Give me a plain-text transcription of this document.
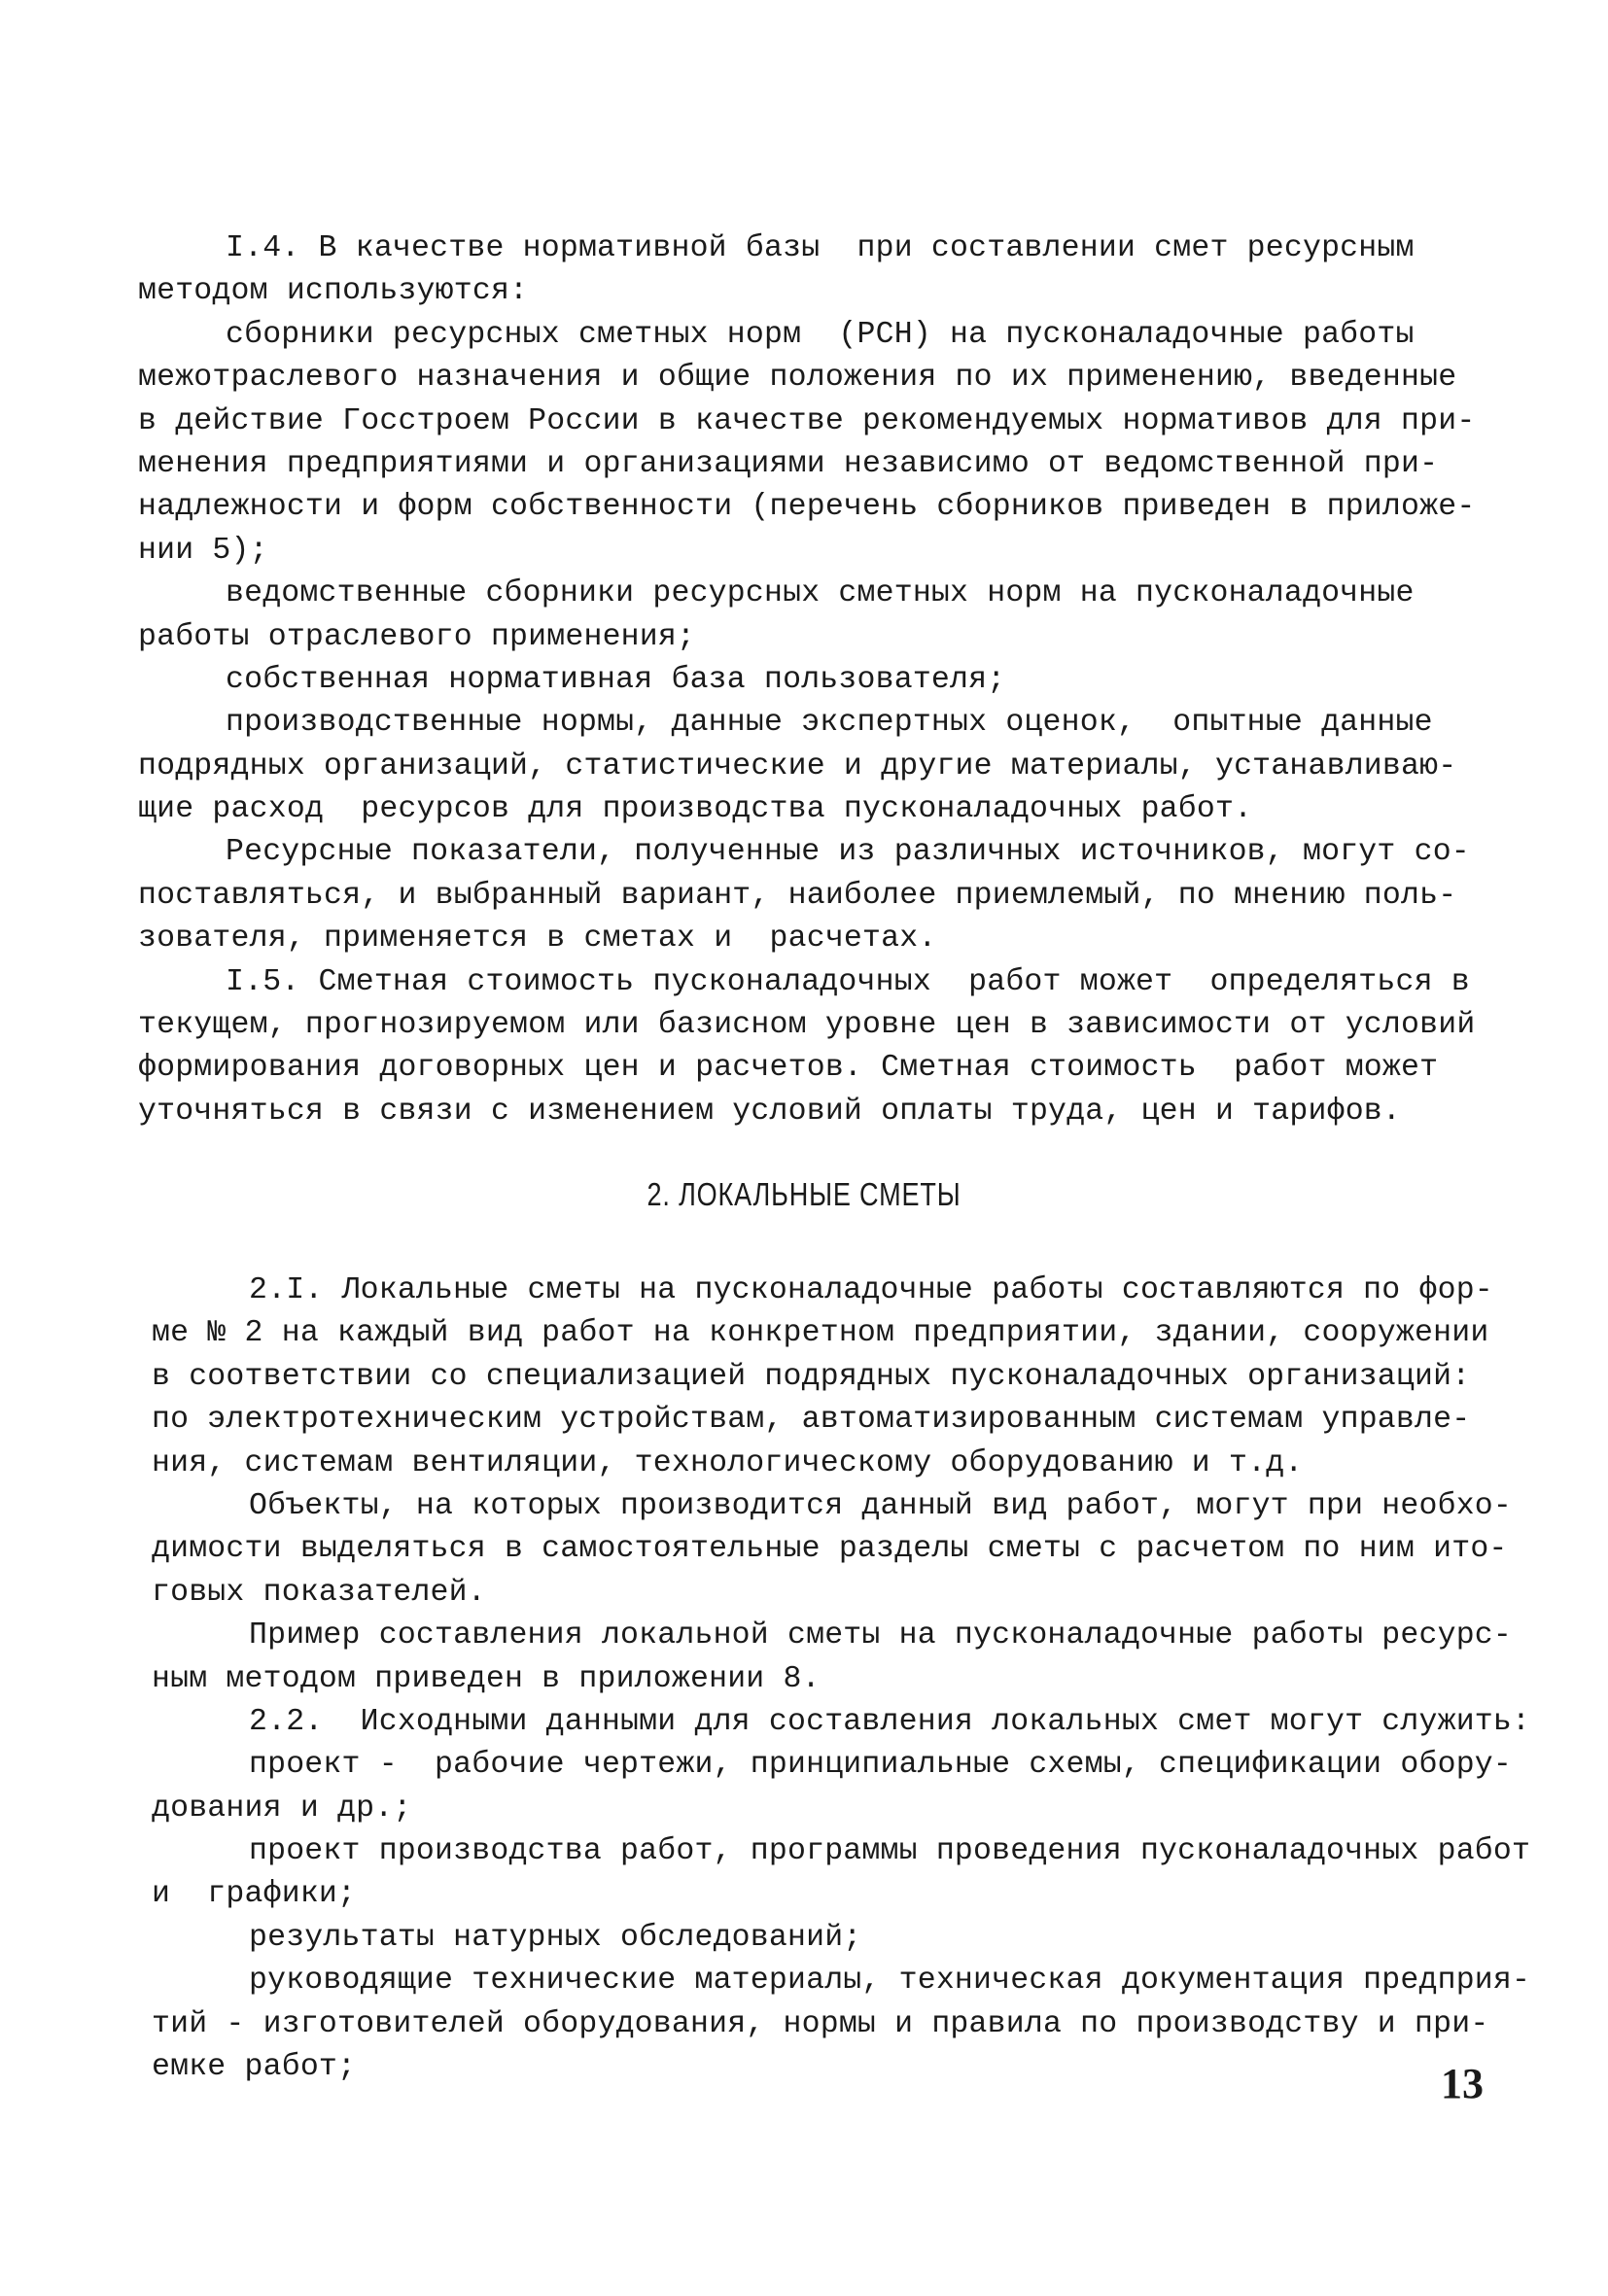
I.4. В качестве нормативной базы  при составлении смет ресурсным
методом используются:
сборники ресурсных сметных норм  (РСН) на пусконаладочные работы
межотраслевого назначения и общие положения по их применению, введенные
в действие Госстроем России в качестве рекомендуемых нормативов для при-
менения предприятиями и организациями независимо от ведомственной при-
надлежности и форм собственности (перечень сборников приведен в приложе-
нии 5);
ведомственные сборники ресурсных сметных норм на пусконаладочные
работы отраслевого применения;
собственная нормативная база пользователя;
производственные нормы, данные экспертных оценок,  опытные данные
подрядных организаций, статистические и другие материалы, устанавливаю-
щие расход  ресурсов для производства пусконаладочных работ.
Ресурсные показатели, полученные из различных источников, могут со-
поставляться, и выбранный вариант, наиболее приемлемый, по мнению поль-
зователя, применяется в сметах и  расчетах.
I.5. Сметная стоимость пусконаладочных  работ может  определяться в
текущем, прогнозируемом или базисном уровне цен в зависимости от условий
формирования договорных цен и расчетов. Сметная стоимость  работ может
уточняться в связи с изменением условий оплаты труда, цен и тарифов.
2. ЛОКАЛЬНЫЕ СМЕТЫ
2.I. Локальные сметы на пусконаладочные работы составляются по фор-
ме № 2 на каждый вид работ на конкретном предприятии, здании, сооружении
в соответствии со специализацией подрядных пусконаладочных организаций:
по электротехническим устройствам, автоматизированным системам управле-
ния, системам вентиляции, технологическому оборудованию и т.д.
Объекты, на которых производится данный вид работ, могут при необхо-
димости выделяться в самостоятельные разделы сметы с расчетом по ним ито-
говых показателей.
Пример составления локальной сметы на пусконаладочные работы ресурс-
ным методом приведен в приложении 8.
2.2.  Исходными данными для составления локальных смет могут служить:
проект -  рабочие чертежи, принципиальные схемы, спецификации обору-
дования и др.;
проект производства работ, программы проведения пусконаладочных работ
и  графики;
результаты натурных обследований;
руководящие технические материалы, техническая документация предприя-
тий - изготовителей оборудования, нормы и правила по производству и при-
емке работ;	13
